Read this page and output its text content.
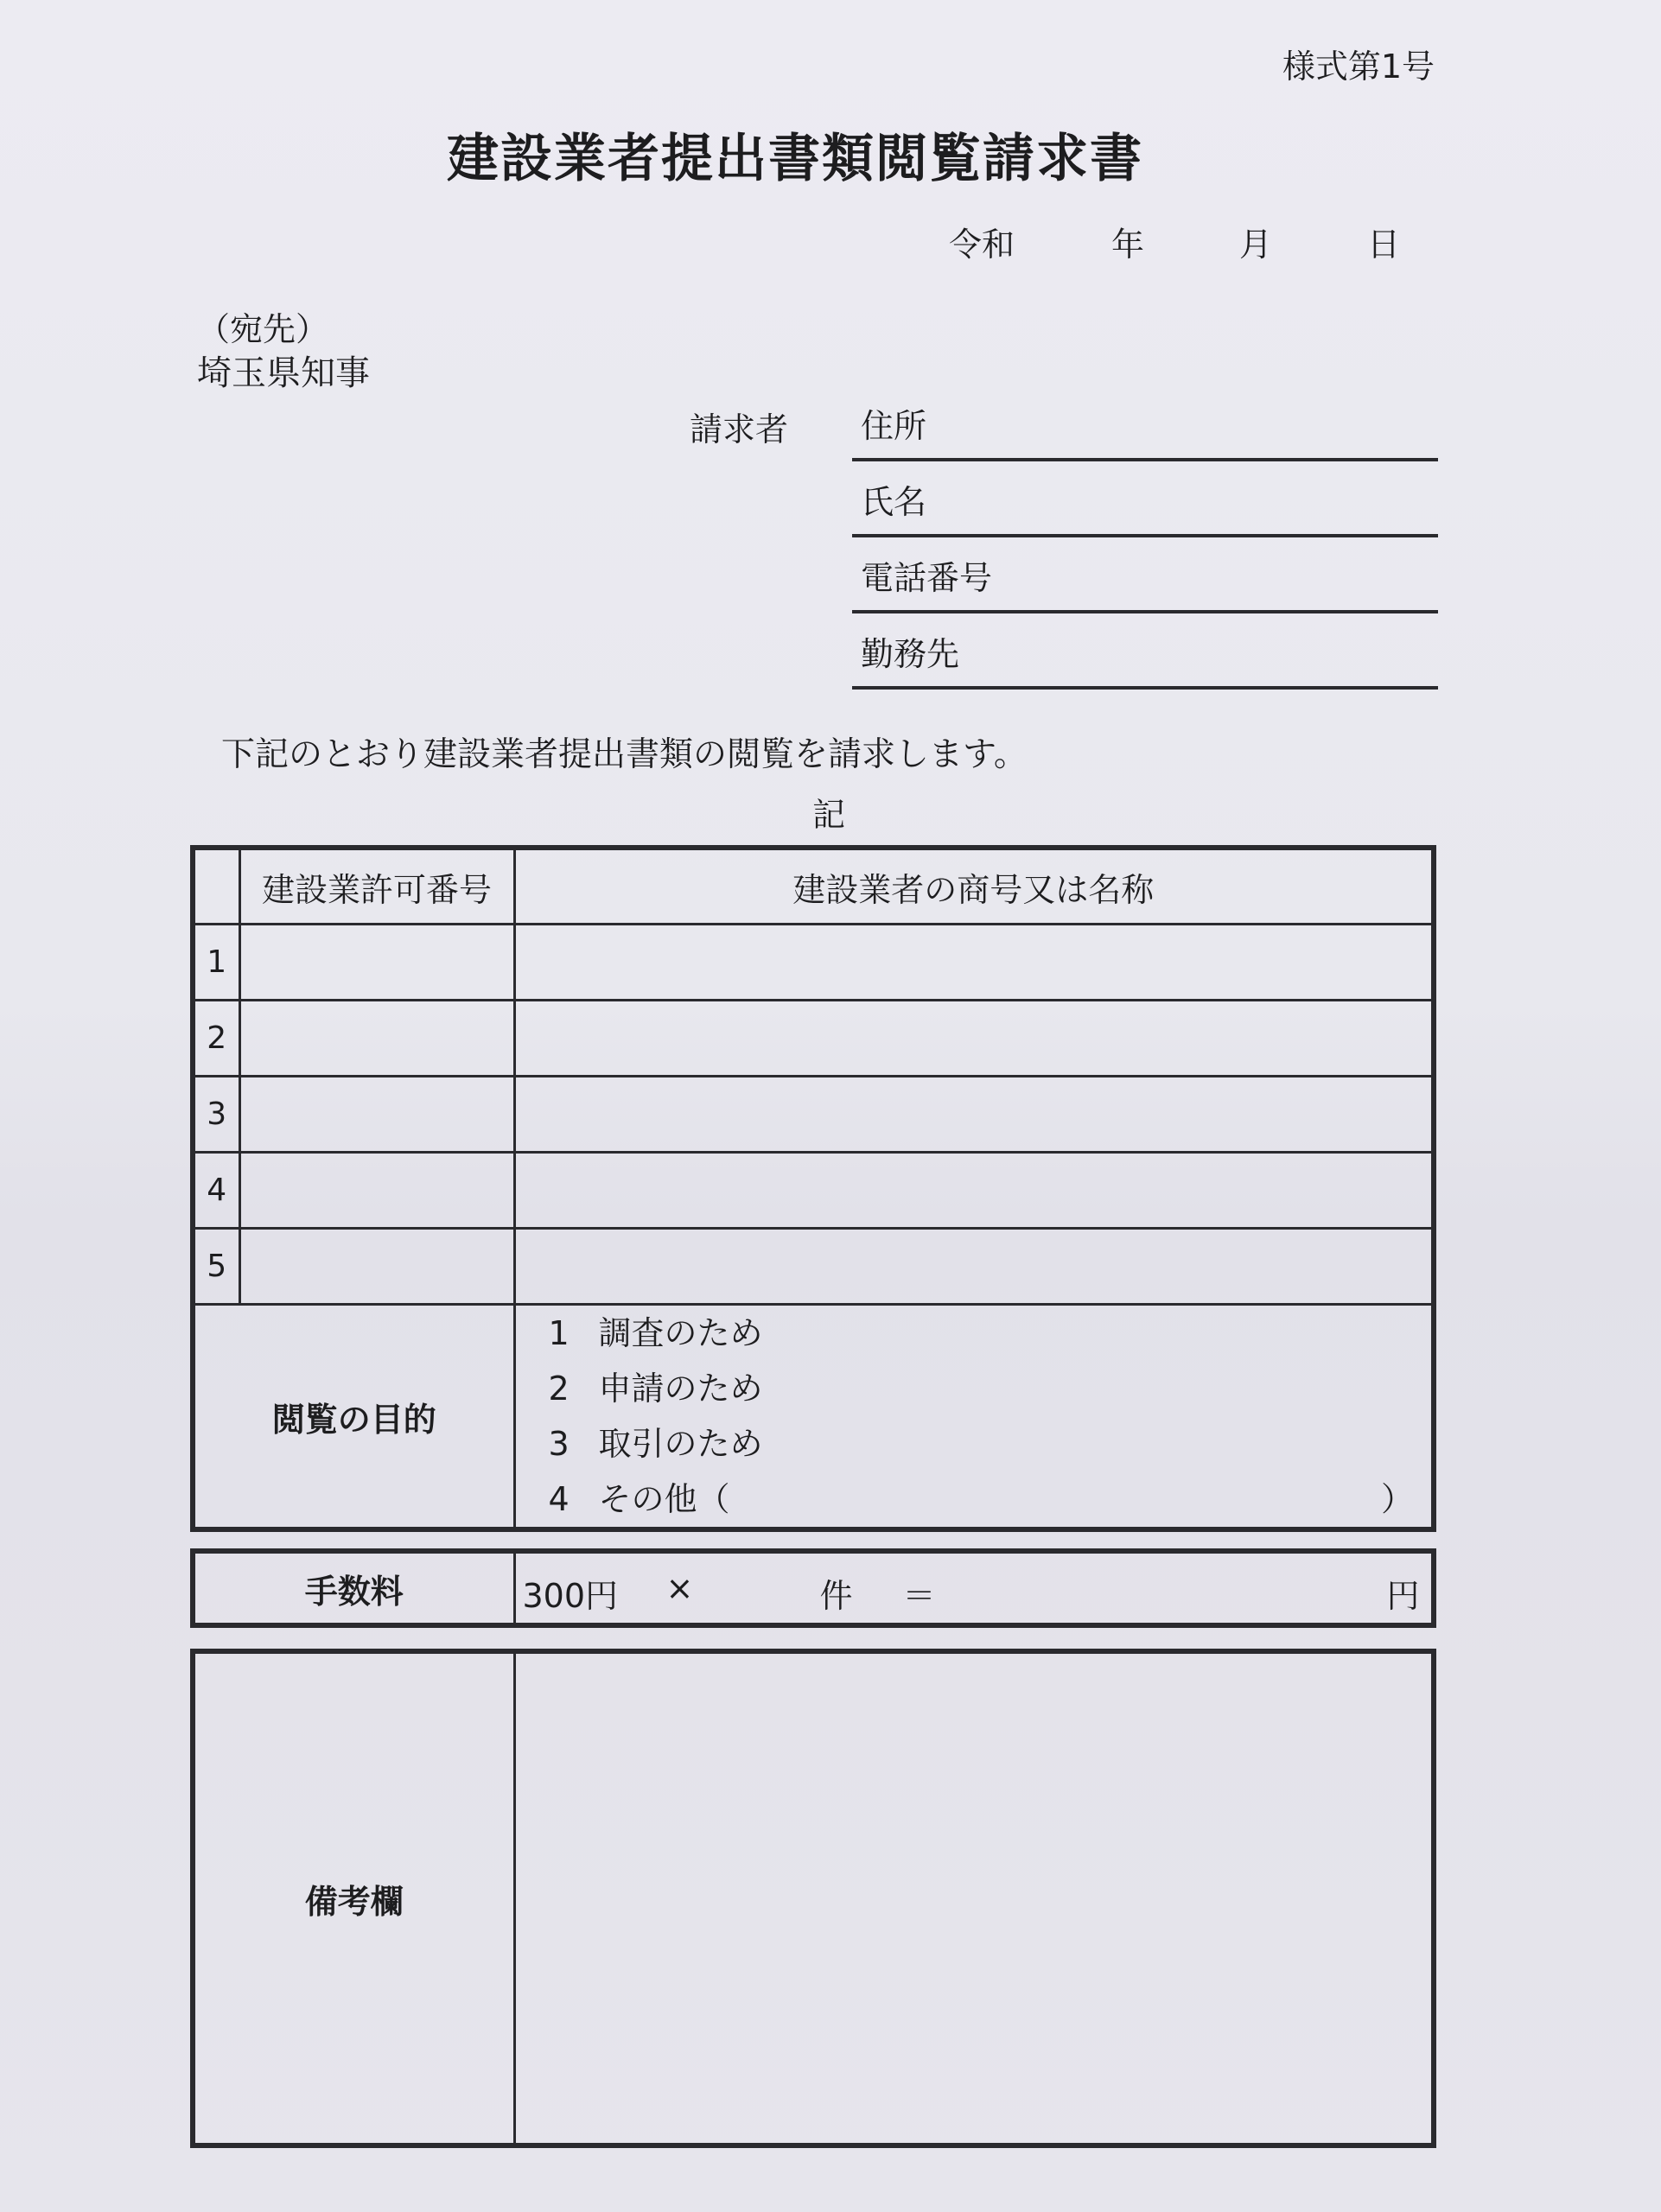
様式第1号
建設業者提出書類閲覧請求書
令和	年	月	日
（宛先）
埼玉県知事
請求者 住所
氏名
電話番号
勤務先
下記のとおり建設業者提出書類の閲覧を請求します。
記
	建設業許可番号	建設業者の商号又は名称
1		
2		
3		
4		
5		
閲覧の目的		1 調査のため
2 申請のため
3 取引のため
4 その他（ ）
手数料	300円 ×	件 ＝	円
備考欄	
